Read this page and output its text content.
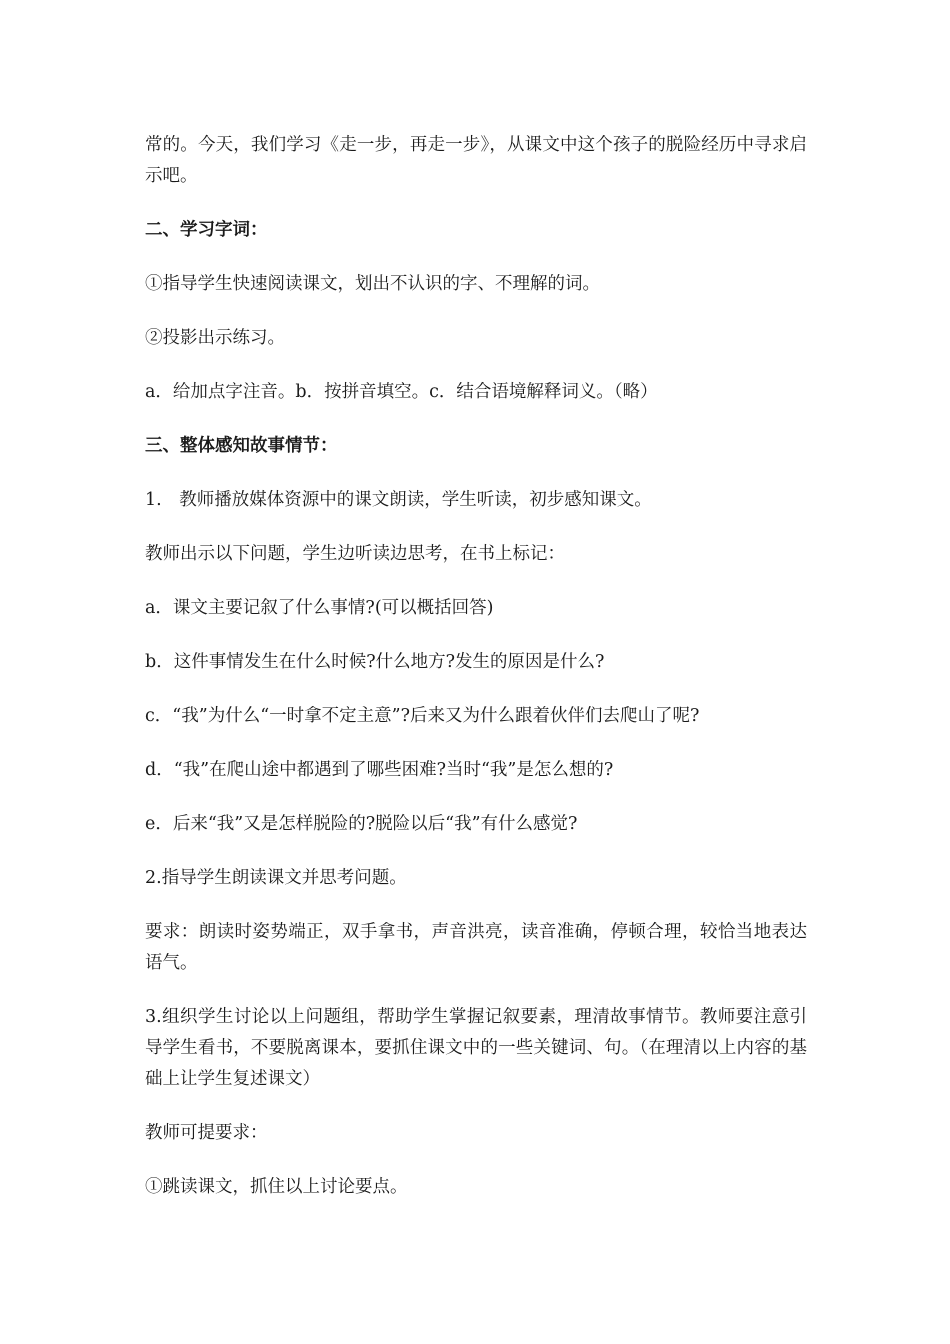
常的。今天，我们学习《走一步，再走一步》，从课文中这个孩子的脱险经历中寻求启示吧。

二、学习字词：

①指导学生快速阅读课文，划出不认识的字、不理解的词。

②投影出示练习。

a．给加点字注音。b．按拼音填空。c．结合语境解释词义。（略）

三、整体感知故事情节：

1.　教师播放媒体资源中的课文朗读，学生听读，初步感知课文。

教师出示以下问题，学生边听读边思考，在书上标记：

a．课文主要记叙了什么事情?(可以概括回答)

b．这件事情发生在什么时候?什么地方?发生的原因是什么?

c．“我”为什么“一时拿不定主意”?后来又为什么跟着伙伴们去爬山了呢?

d．“我”在爬山途中都遇到了哪些困难?当时“我”是怎么想的?

e．后来“我”又是怎样脱险的?脱险以后“我”有什么感觉?

2.指导学生朗读课文并思考问题。

要求：朗读时姿势端正，双手拿书，声音洪亮，读音准确，停顿合理，较恰当地表达语气。

3.组织学生讨论以上问题组，帮助学生掌握记叙要素，理清故事情节。教师要注意引导学生看书，不要脱离课本，要抓住课文中的一些关键词、句。（在理清以上内容的基础上让学生复述课文）

教师可提要求：

①跳读课文，抓住以上讨论要点。
